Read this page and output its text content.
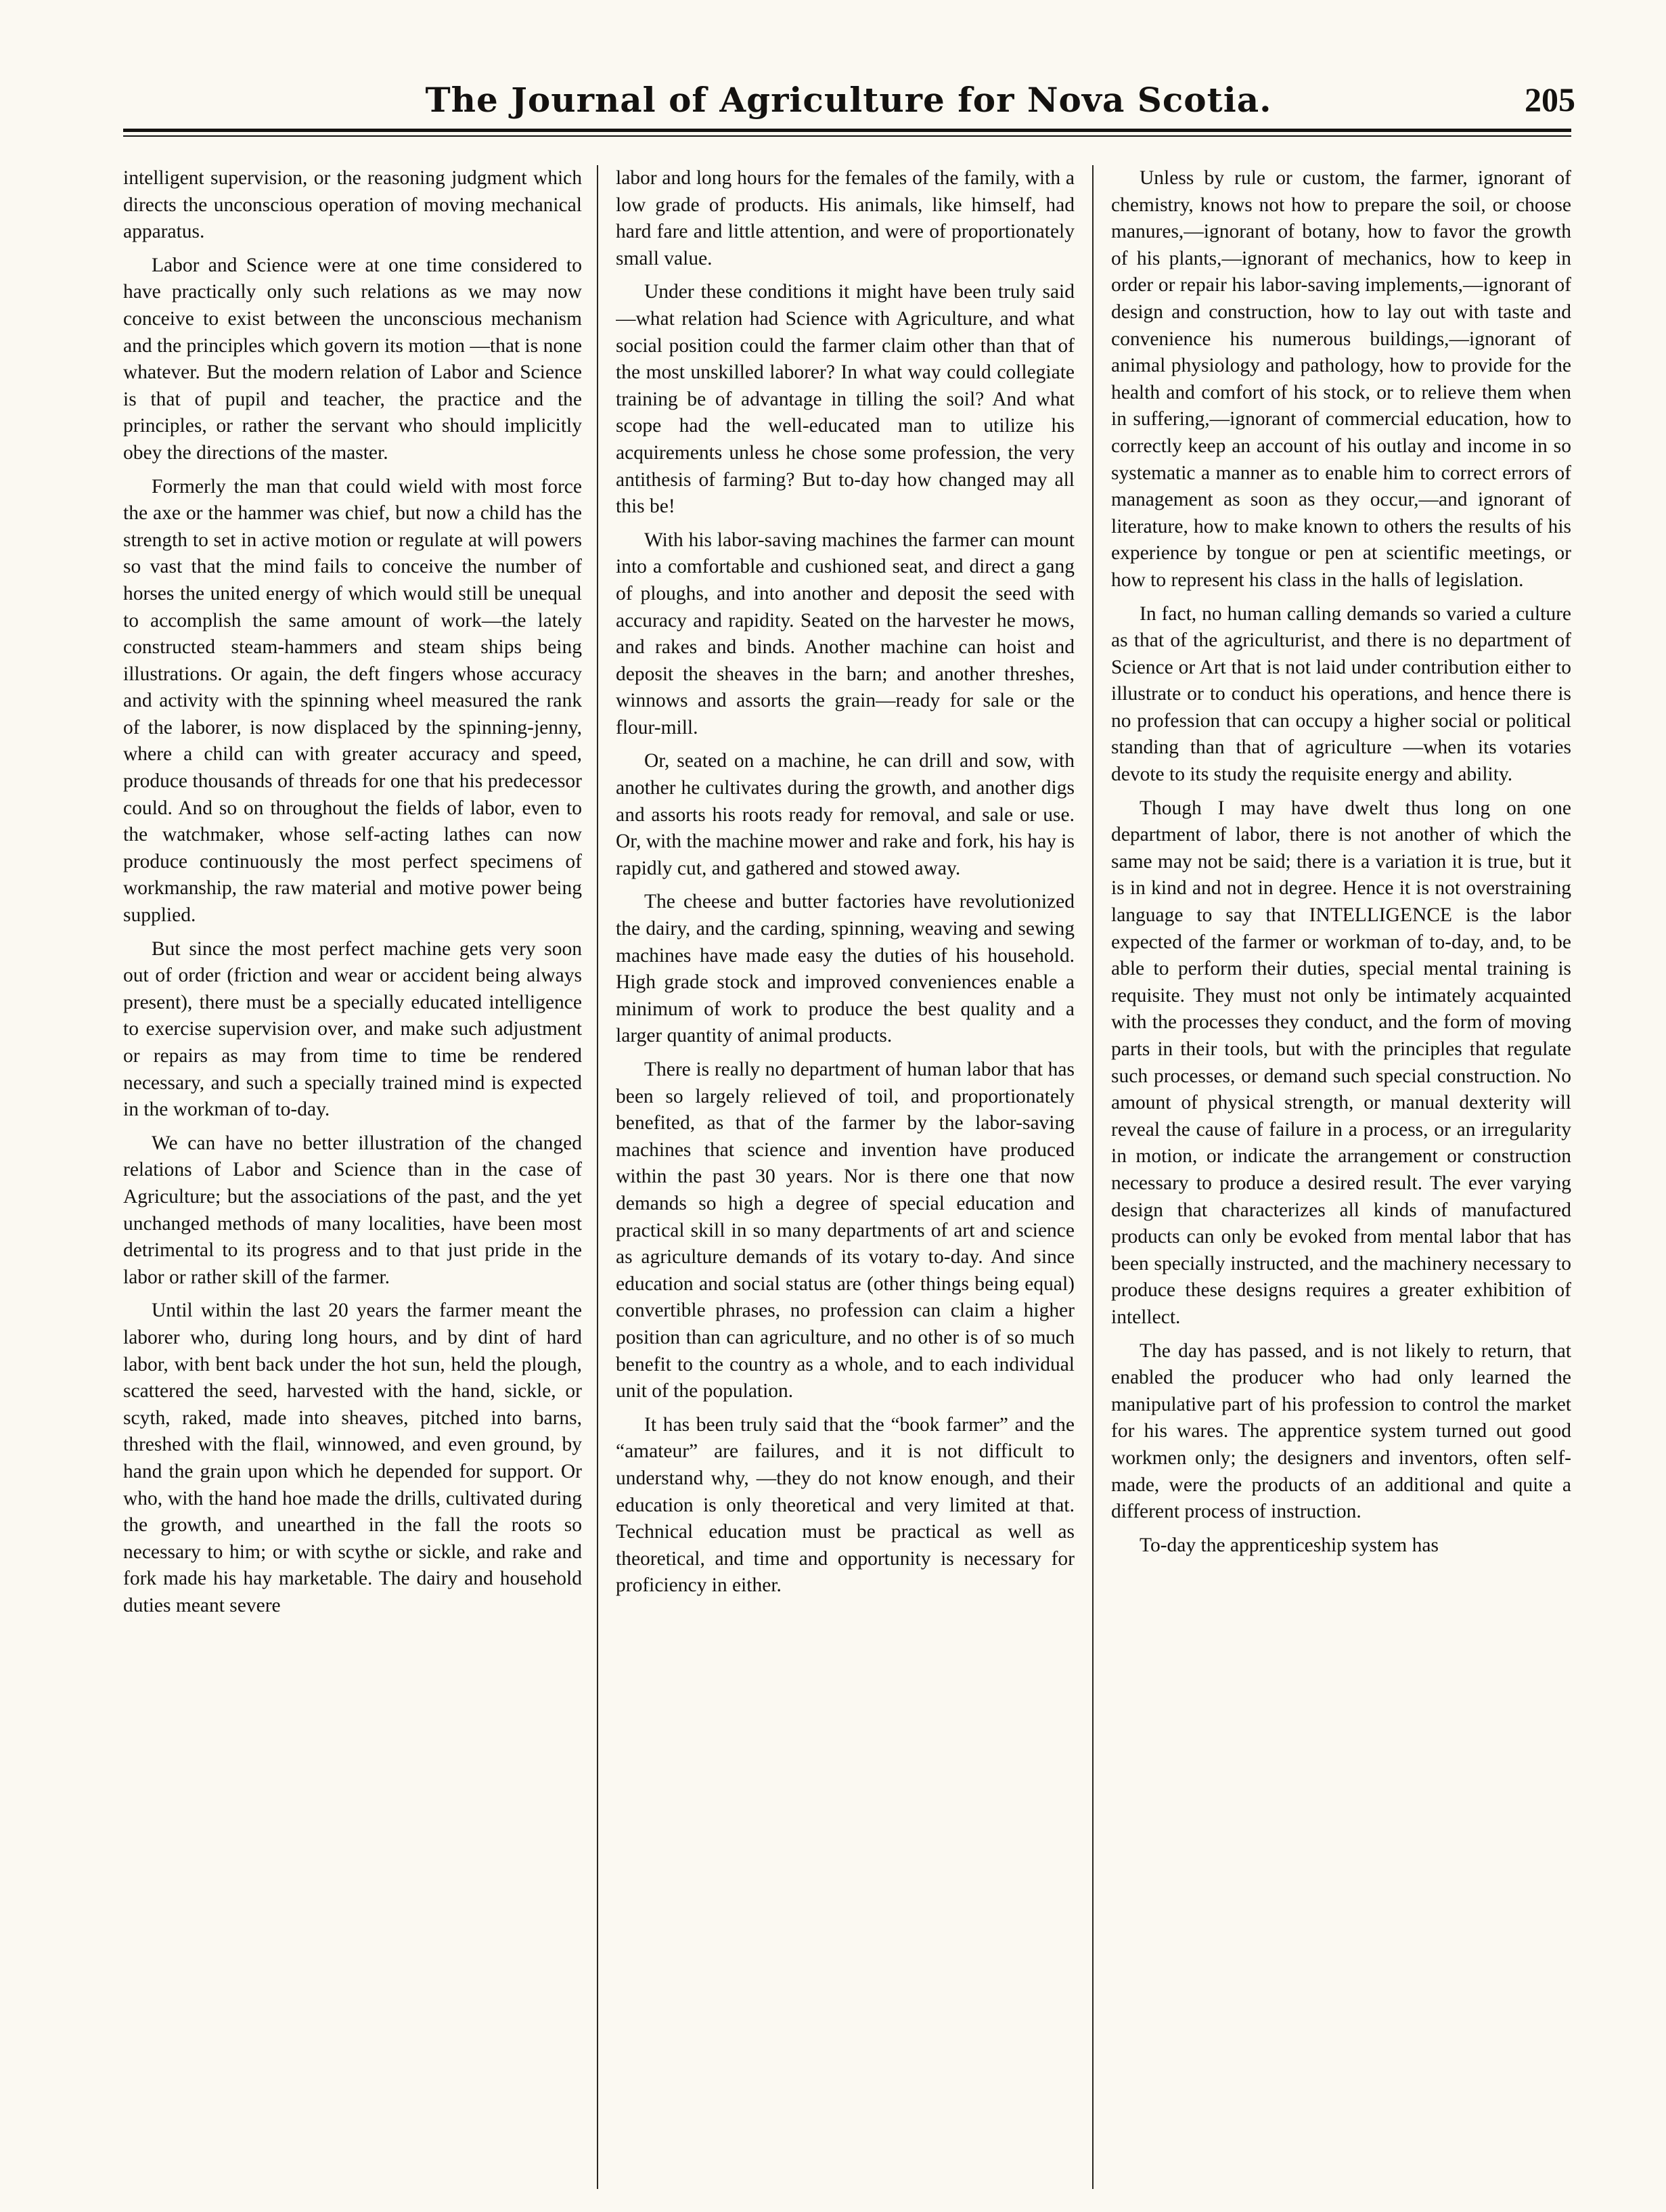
The Journal of Agriculture for Nova Scotia.	205

intelligent supervision, or the reasoning judgment which directs the unconscious operation of moving mechanical apparatus.

Labor and Science were at one time considered to have practically only such relations as we may now conceive to exist between the unconscious mechanism and the principles which govern its motion —that is none whatever. But the modern relation of Labor and Science is that of pupil and teacher, the practice and the principles, or rather the servant who should implicitly obey the directions of the master.

Formerly the man that could wield with most force the axe or the hammer was chief, but now a child has the strength to set in active motion or regulate at will powers so vast that the mind fails to conceive the number of horses the united energy of which would still be unequal to accomplish the same amount of work—the lately constructed steam-hammers and steam ships being illustrations. Or again, the deft fingers whose accuracy and activity with the spinning wheel measured the rank of the laborer, is now displaced by the spinning-jenny, where a child can with greater accuracy and speed, produce thousands of threads for one that his predecessor could. And so on throughout the fields of labor, even to the watchmaker, whose self-acting lathes can now produce continuously the most perfect specimens of workmanship, the raw material and motive power being supplied.

But since the most perfect machine gets very soon out of order (friction and wear or accident being always present), there must be a specially educated intelligence to exercise supervision over, and make such adjustment or repairs as may from time to time be rendered necessary, and such a specially trained mind is expected in the workman of to-day.

We can have no better illustration of the changed relations of Labor and Science than in the case of Agriculture; but the associations of the past, and the yet unchanged methods of many localities, have been most detrimental to its progress and to that just pride in the labor or rather skill of the farmer.

Until within the last 20 years the farmer meant the laborer who, during long hours, and by dint of hard labor, with bent back under the hot sun, held the plough, scattered the seed, harvested with the hand, sickle, or scyth, raked, made into sheaves, pitched into barns, threshed with the flail, winnowed, and even ground, by hand the grain upon which he depended for support. Or who, with the hand hoe made the drills, cultivated during the growth, and unearthed in the fall the roots so necessary to him; or with scythe or sickle, and rake and fork made his hay marketable. The dairy and household duties meant severe

labor and long hours for the females of the family, with a low grade of products. His animals, like himself, had hard fare and little attention, and were of proportionately small value.

Under these conditions it might have been truly said—what relation had Science with Agriculture, and what social position could the farmer claim other than that of the most unskilled laborer? In what way could collegiate training be of advantage in tilling the soil? And what scope had the well-educated man to utilize his acquirements unless he chose some profession, the very antithesis of farming? But to-day how changed may all this be!

With his labor-saving machines the farmer can mount into a comfortable and cushioned seat, and direct a gang of ploughs, and into another and deposit the seed with accuracy and rapidity. Seated on the harvester he mows, and rakes and binds. Another machine can hoist and deposit the sheaves in the barn; and another threshes, winnows and assorts the grain—ready for sale or the flour-mill.

Or, seated on a machine, he can drill and sow, with another he cultivates during the growth, and another digs and assorts his roots ready for removal, and sale or use. Or, with the machine mower and rake and fork, his hay is rapidly cut, and gathered and stowed away.

The cheese and butter factories have revolutionized the dairy, and the carding, spinning, weaving and sewing machines have made easy the duties of his household. High grade stock and improved conveniences enable a minimum of work to produce the best quality and a larger quantity of animal products.

There is really no department of human labor that has been so largely relieved of toil, and proportionately benefited, as that of the farmer by the labor-saving machines that science and invention have produced within the past 30 years. Nor is there one that now demands so high a degree of special education and practical skill in so many departments of art and science as agriculture demands of its votary to-day. And since education and social status are (other things being equal) convertible phrases, no profession can claim a higher position than can agriculture, and no other is of so much benefit to the country as a whole, and to each individual unit of the population.

It has been truly said that the “book farmer” and the “amateur” are failures, and it is not difficult to understand why, —they do not know enough, and their education is only theoretical and very limited at that. Technical education must be practical as well as theoretical, and time and opportunity is necessary for proficiency in either.

Unless by rule or custom, the farmer, ignorant of chemistry, knows not how to prepare the soil, or choose manures,—ignorant of botany, how to favor the growth of his plants,—ignorant of mechanics, how to keep in order or repair his labor-saving implements,—ignorant of design and construction, how to lay out with taste and convenience his numerous buildings,—ignorant of animal physiology and pathology, how to provide for the health and comfort of his stock, or to relieve them when in suffering,—ignorant of commercial education, how to correctly keep an account of his outlay and income in so systematic a manner as to enable him to correct errors of management as soon as they occur,—and ignorant of literature, how to make known to others the results of his experience by tongue or pen at scientific meetings, or how to represent his class in the halls of legislation.

In fact, no human calling demands so varied a culture as that of the agriculturist, and there is no department of Science or Art that is not laid under contribution either to illustrate or to conduct his operations, and hence there is no profession that can occupy a higher social or political standing than that of agriculture —when its votaries devote to its study the requisite energy and ability.

Though I may have dwelt thus long on one department of labor, there is not another of which the same may not be said; there is a variation it is true, but it is in kind and not in degree. Hence it is not overstraining language to say that INTELLIGENCE is the labor expected of the farmer or workman of to-day, and, to be able to perform their duties, special mental training is requisite. They must not only be intimately acquainted with the processes they conduct, and the form of moving parts in their tools, but with the principles that regulate such processes, or demand such special construction. No amount of physical strength, or manual dexterity will reveal the cause of failure in a process, or an irregularity in motion, or indicate the arrangement or construction necessary to produce a desired result. The ever varying design that characterizes all kinds of manufactured products can only be evoked from mental labor that has been specially instructed, and the machinery necessary to produce these designs requires a greater exhibition of intellect.

The day has passed, and is not likely to return, that enabled the producer who had only learned the manipulative part of his profession to control the market for his wares. The apprentice system turned out good workmen only; the designers and inventors, often self-made, were the products of an additional and quite a different process of instruction.

To-day the apprenticeship system has
